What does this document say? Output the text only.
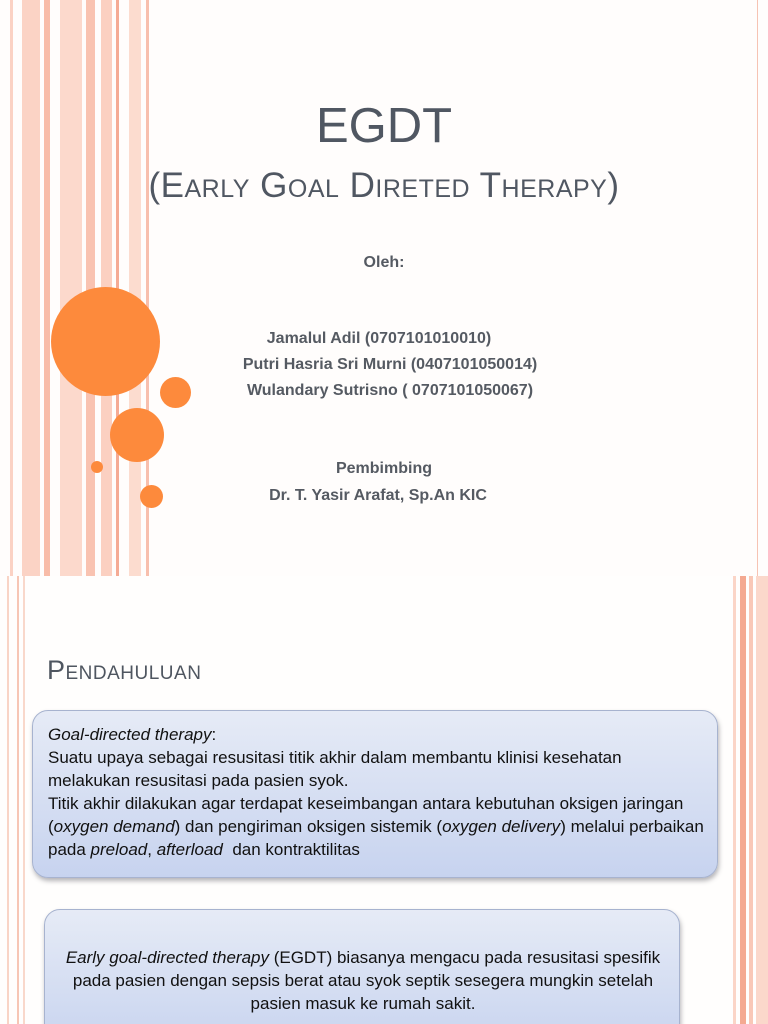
EGDT
(Early Goal Direted Therapy)
Oleh:
Jamalul Adil (0707101010010)
Putri Hasria Sri Murni (0407101050014)
Wulandary Sutrisno ( 0707101050067)
Pembimbing
Dr. T. Yasir Arafat, Sp.An KIC
Pendahuluan
Goal-directed therapy:
Suatu upaya sebagai resusitasi titik akhir dalam membantu klinisi kesehatan melakukan resusitasi pada pasien syok.
Titik akhir dilakukan agar terdapat keseimbangan antara kebutuhan oksigen jaringan (oxygen demand) dan pengiriman oksigen sistemik (oxygen delivery) melalui perbaikan pada preload, afterload  dan kontraktilitas
Early goal-directed therapy (EGDT) biasanya mengacu pada resusitasi spesifik pada pasien dengan sepsis berat atau syok septik sesegera mungkin setelah pasien masuk ke rumah sakit.
